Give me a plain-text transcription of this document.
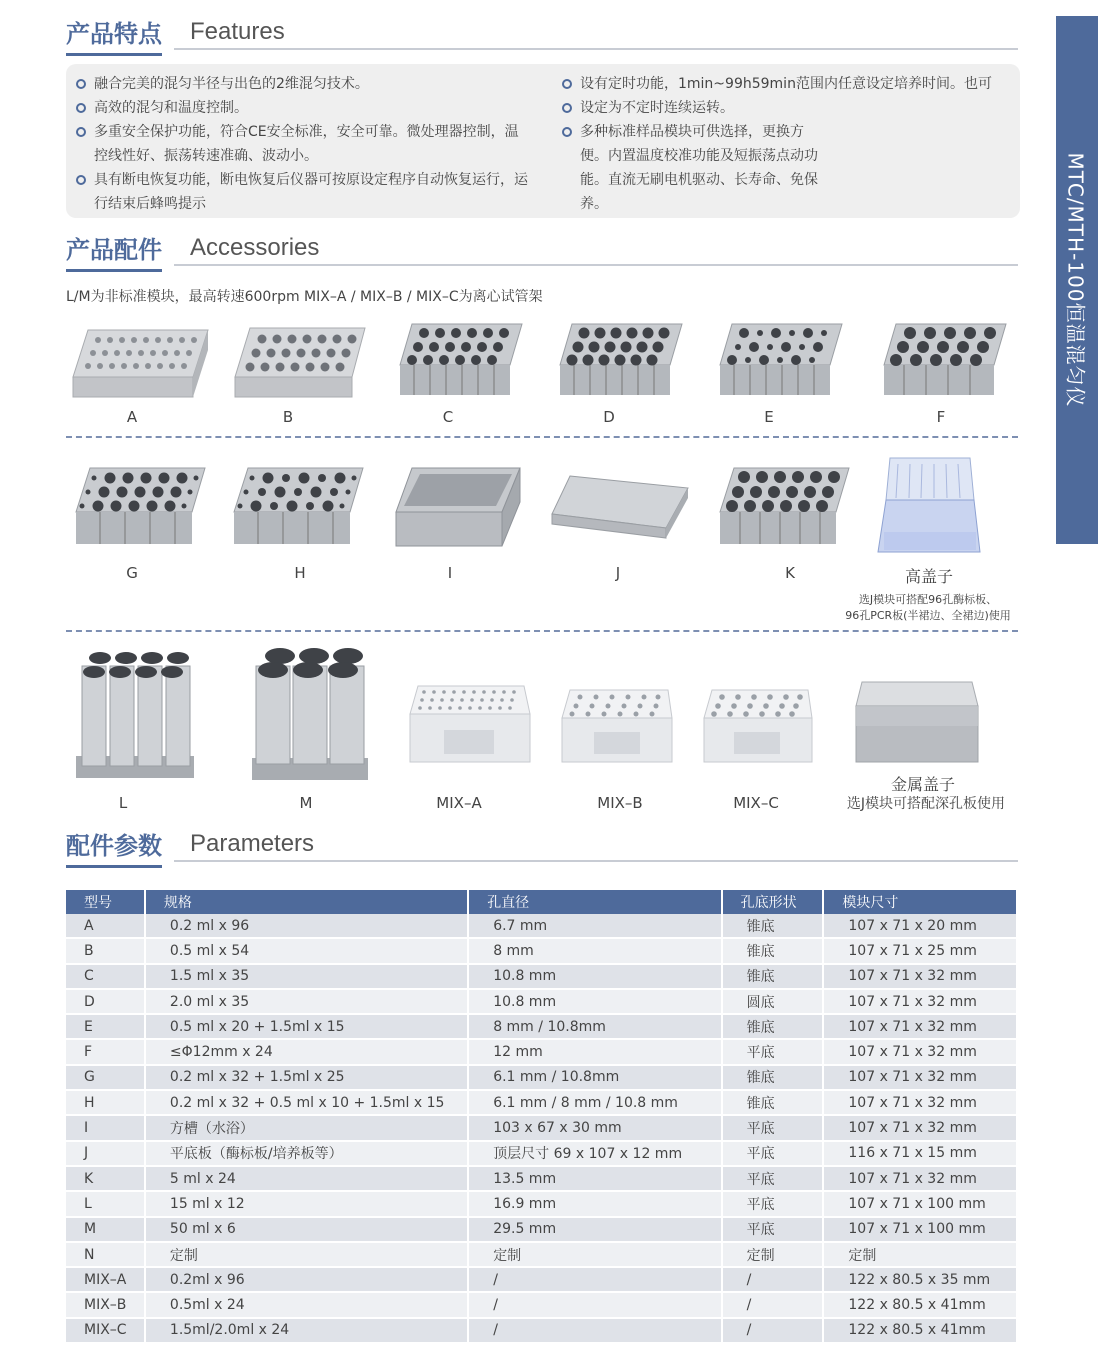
MTC/MTH-100恒温混匀仪
产品特点 Features
融合完美的混匀半径与出色的2维混匀技术。
高效的混匀和温度控制。
多重安全保护功能，符合CE安全标准，安全可靠。微处理器控制，温控线性好、振荡转速准确、波动小。
具有断电恢复功能，断电恢复后仪器可按原设定程序自动恢复运行，运行结束后蜂鸣提示
设有定时功能，1min~99h59min范围内任意设定培养时间。也可
设定为不定时连续运转。
多种标准样品模块可供选择，更换方便。内置温度校准功能及短振荡点动功能。直流无刷电机驱动、长寿命、免保养。
产品配件 Accessories
L/M为非标准模块，最高转速600rpm MIX–A / MIX–B / MIX–C为离心试管架
A	B	C	D	E	F
G	H	I	J	K	高盖子
选J模块可搭配96孔酶标板、
96孔PCR板(半裙边、全裙边)使用
L	M	MIX–A	MIX–B	MIX–C
金属盖子
选J模块可搭配深孔板使用
配件参数 Parameters
型号	规格	孔直径	孔底形状	模块尺寸
A	0.2 ml x 96	6.7 mm	锥底	107 x 71 x 20 mm
B	0.5 ml x 54	8 mm	锥底	107 x 71 x 25 mm
C	1.5 ml x 35	10.8 mm	锥底	107 x 71 x 32 mm
D	2.0 ml x 35	10.8 mm	圆底	107 x 71 x 32 mm
E	0.5 ml x 20 + 1.5ml x 15	8 mm / 10.8mm	锥底	107 x 71 x 32 mm
F	≤Φ12mm x 24	12 mm	平底	107 x 71 x 32 mm
G	0.2 ml x 32 + 1.5ml x 25	6.1 mm / 10.8mm	锥底	107 x 71 x 32 mm
H	0.2 ml x 32 + 0.5 ml x 10 + 1.5ml x 15	6.1 mm / 8 mm / 10.8 mm	锥底	107 x 71 x 32 mm
I	方槽（水浴）	103 x 67 x 30 mm	平底	107 x 71 x 32 mm
J	平底板（酶标板/培养板等）	顶层尺寸 69 x 107 x 12 mm	平底	116 x 71 x 15 mm
K	5 ml x 24	13.5 mm	平底	107 x 71 x 32 mm
L	15 ml x 12	16.9 mm	平底	107 x 71 x 100 mm
M	50 ml x 6	29.5 mm	平底	107 x 71 x 100 mm
N	定制	定制	定制	定制
MIX–A	0.2ml x 96	/	/	122 x 80.5 x 35 mm
MIX–B	0.5ml x 24	/	/	122 x 80.5 x 41mm
MIX–C	1.5ml/2.0ml x 24	/	/	122 x 80.5 x 41mm
